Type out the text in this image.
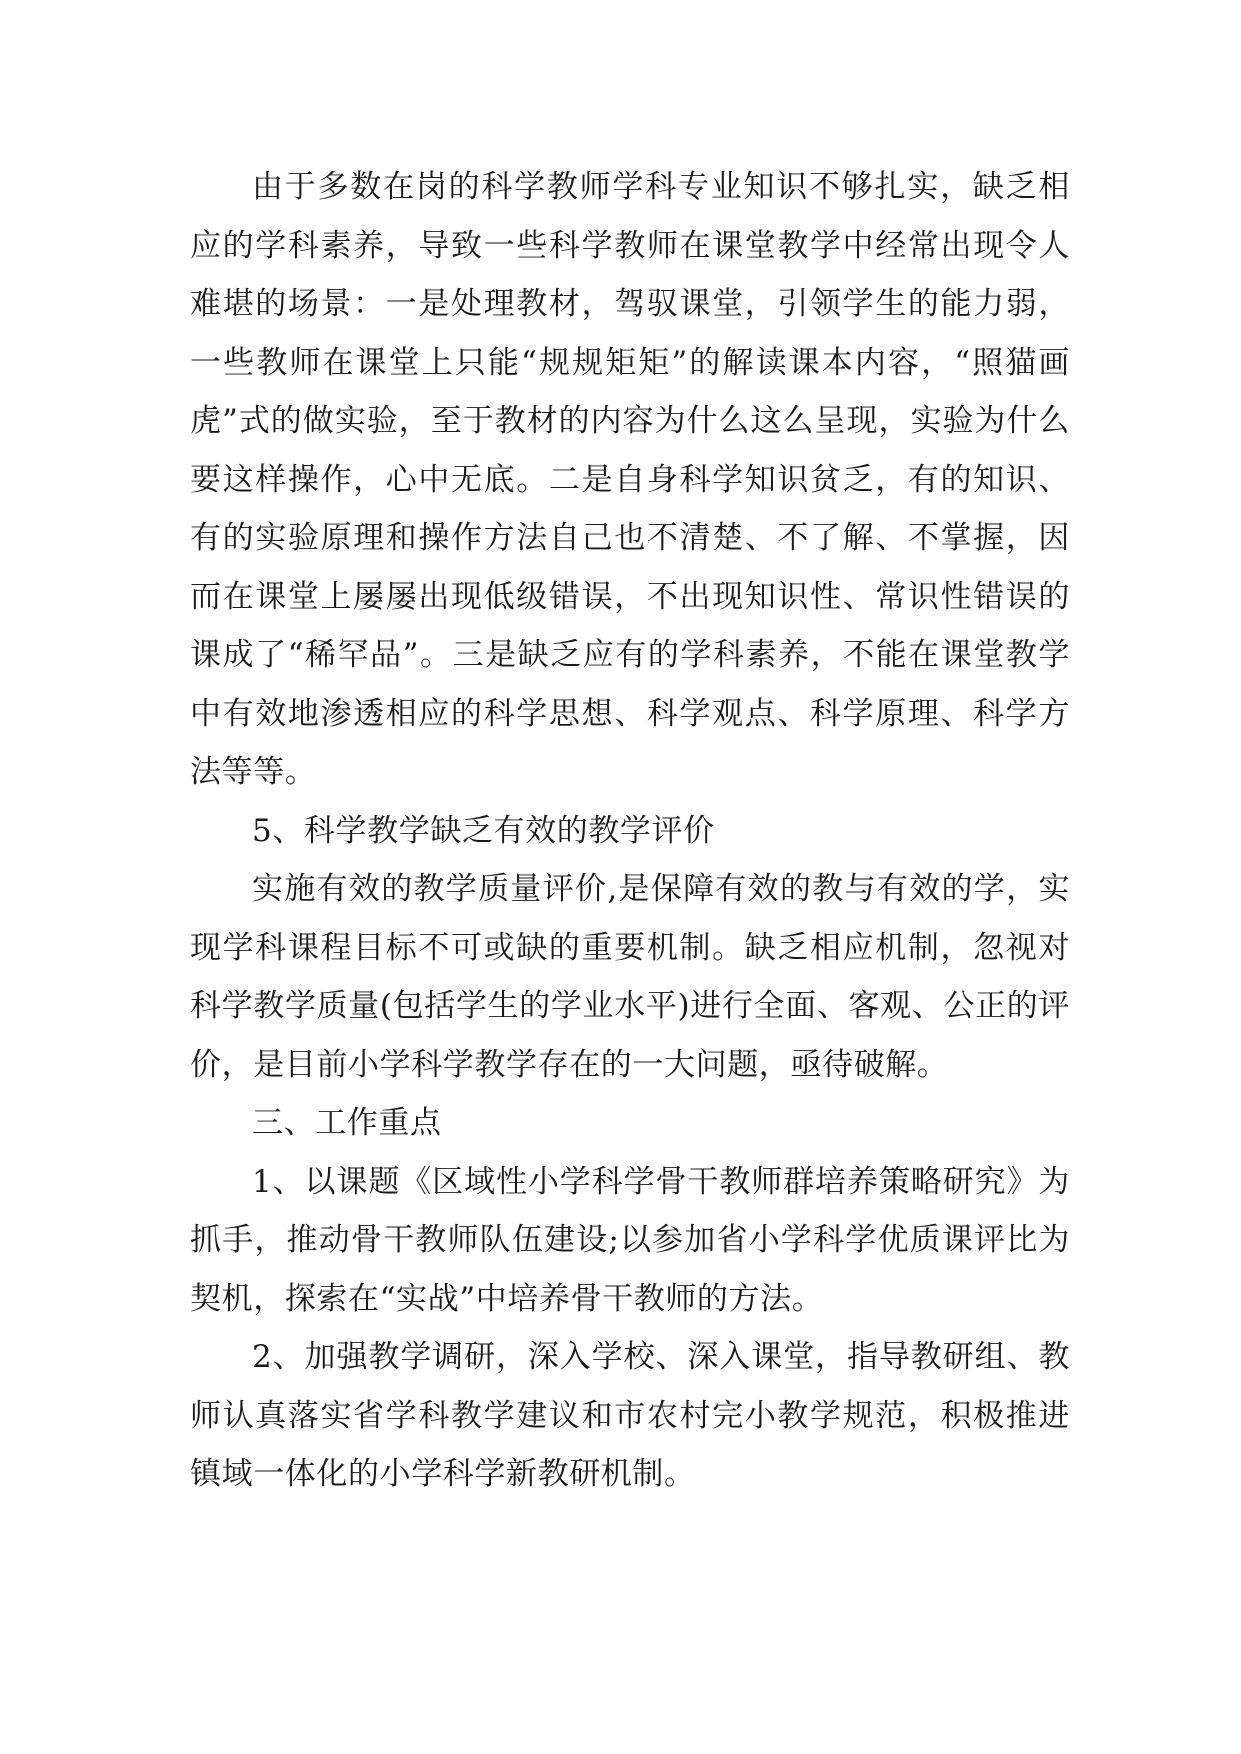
由于多数在岗的科学教师学科专业知识不够扎实，缺乏相应的学科素养，导致一些科学教师在课堂教学中经常出现令人难堪的场景：一是处理教材，驾驭课堂，引领学生的能力弱，一些教师在课堂上只能“规规矩矩”的解读课本内容，“照猫画虎”式的做实验，至于教材的内容为什么这么呈现，实验为什么要这样操作，心中无底。二是自身科学知识贫乏，有的知识、有的实验原理和操作方法自己也不清楚、不了解、不掌握，因而在课堂上屡屡出现低级错误，不出现知识性、常识性错误的课成了“稀罕品”。三是缺乏应有的学科素养，不能在课堂教学中有效地渗透相应的科学思想、科学观点、科学原理、科学方法等等。

5、科学教学缺乏有效的教学评价

实施有效的教学质量评价,是保障有效的教与有效的学，实现学科课程目标不可或缺的重要机制。缺乏相应机制，忽视对科学教学质量(包括学生的学业水平)进行全面、客观、公正的评价，是目前小学科学教学存在的一大问题，亟待破解。

三、工作重点

1、以课题《区域性小学科学骨干教师群培养策略研究》为抓手，推动骨干教师队伍建设;以参加省小学科学优质课评比为契机，探索在“实战”中培养骨干教师的方法。

2、加强教学调研，深入学校、深入课堂，指导教研组、教师认真落实省学科教学建议和市农村完小教学规范，积极推进镇域一体化的小学科学新教研机制。
